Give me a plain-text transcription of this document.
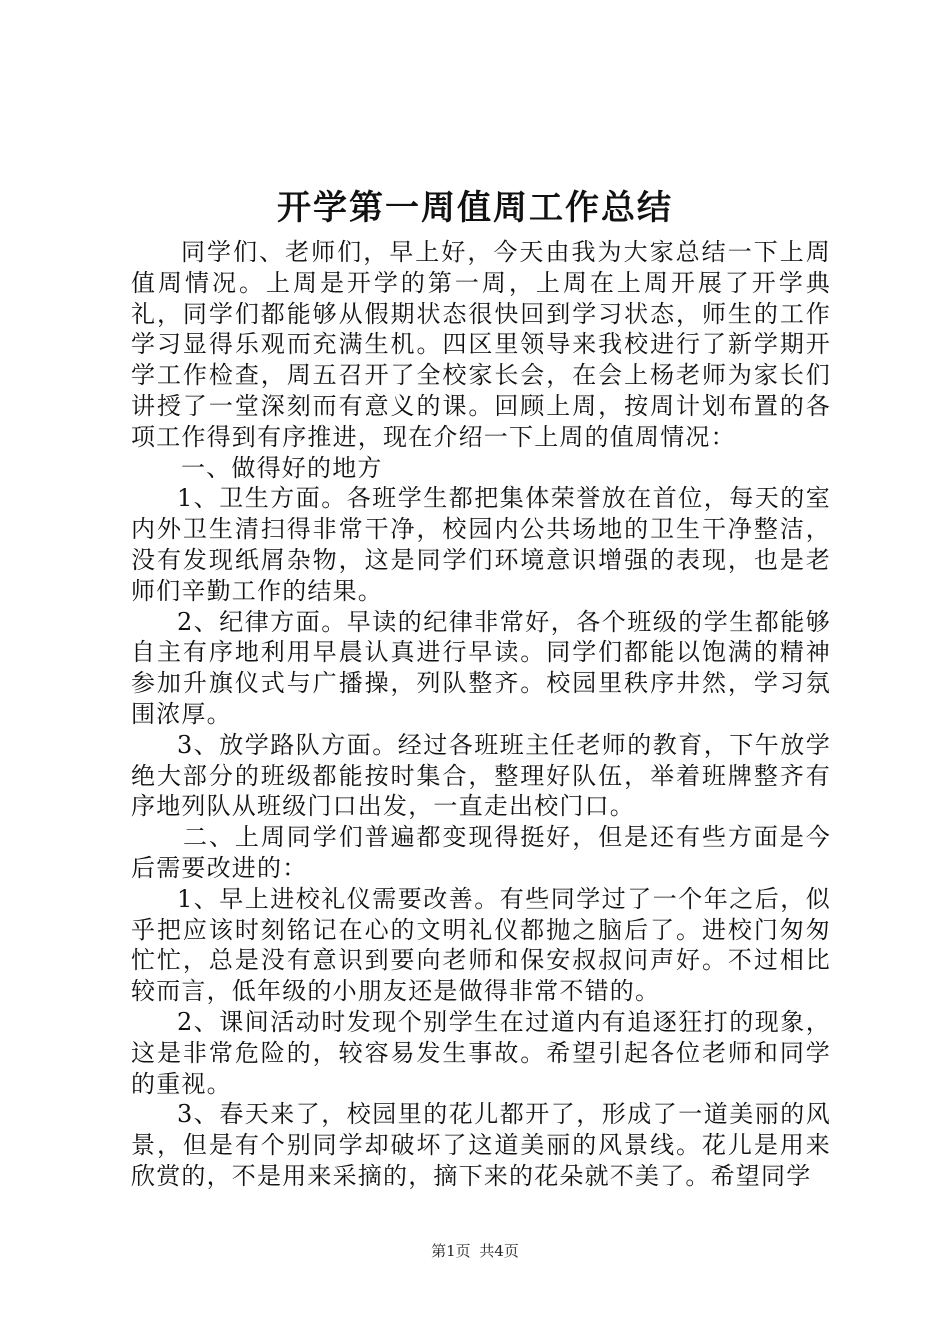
开学第一周值周工作总结

同学们、老师们，早上好，今天由我为大家总结一下上周值周情况。上周是开学的第一周，上周在上周开展了开学典礼，同学们都能够从假期状态很快回到学习状态，师生的工作学习显得乐观而充满生机。四区里领导来我校进行了新学期开学工作检查，周五召开了全校家长会，在会上杨老师为家长们讲授了一堂深刻而有意义的课。回顾上周，按周计划布置的各项工作得到有序推进，现在介绍一下上周的值周情况：

一、做得好的地方

1、卫生方面。各班学生都把集体荣誉放在首位，每天的室内外卫生清扫得非常干净，校园内公共场地的卫生干净整洁，没有发现纸屑杂物，这是同学们环境意识增强的表现，也是老师们辛勤工作的结果。

2、纪律方面。早读的纪律非常好，各个班级的学生都能够自主有序地利用早晨认真进行早读。同学们都能以饱满的精神参加升旗仪式与广播操，列队整齐。校园里秩序井然，学习氛围浓厚。

3、放学路队方面。经过各班班主任老师的教育，下午放学绝大部分的班级都能按时集合，整理好队伍，举着班牌整齐有序地列队从班级门口出发，一直走出校门口。

二、上周同学们普遍都变现得挺好，但是还有些方面是今后需要改进的：

1、早上进校礼仪需要改善。有些同学过了一个年之后，似乎把应该时刻铭记在心的文明礼仪都抛之脑后了。进校门匆匆忙忙，总是没有意识到要向老师和保安叔叔问声好。不过相比较而言，低年级的小朋友还是做得非常不错的。

2、课间活动时发现个别学生在过道内有追逐狂打的现象，这是非常危险的，较容易发生事故。希望引起各位老师和同学的重视。

3、春天来了，校园里的花儿都开了，形成了一道美丽的风景，但是有个别同学却破坏了这道美丽的风景线。花儿是用来欣赏的，不是用来采摘的，摘下来的花朵就不美了。希望同学

第1页 共4页
